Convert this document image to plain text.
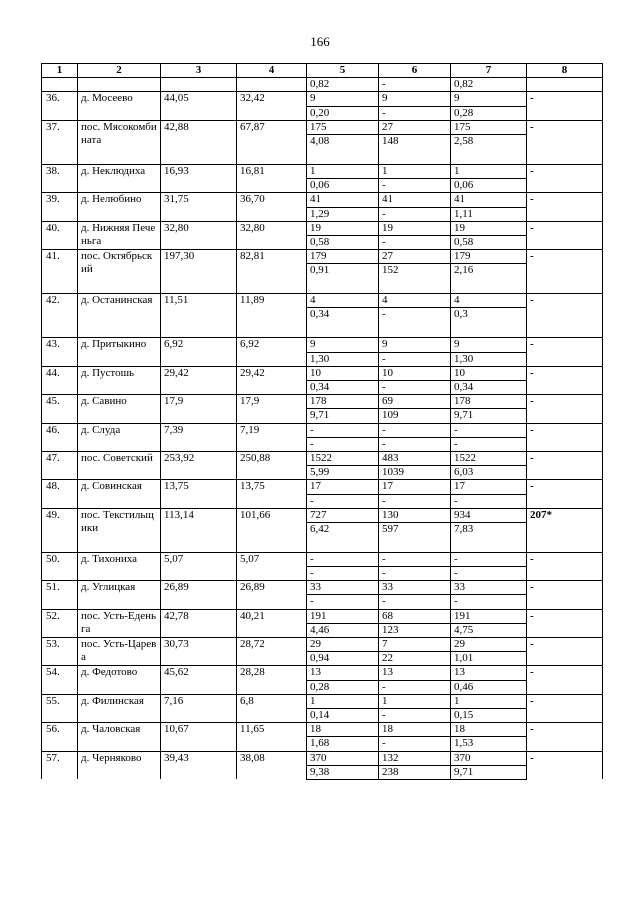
166
1	2	3	4	5	6	7	8
				0,82	-	0,82	
36.	д. Мосеево	44,05	32,42	9	9	9	-
				0,20	-	0,28	
37.	пос. Мясокомбината	42,88	67,87	175	27	175	-
				4,08	148	2,58	
38.	д. Неклюдиха	16,93	16,81	1	1	1	-
				0,06	-	0,06	
39.	д. Нелюбино	31,75	36,70	41	41	41	-
				1,29	-	1,11	
40.	д. Нижняя Печеньга	32,80	32,80	19	19	19	-
				0,58	-	0,58	
41.	пос. Октябрьский	197,30	82,81	179	27	179	-
				0,91	152	2,16	
42.	д. Останинская	11,51	11,89	4	4	4	-
				0,34	-	0,3	
43.	д. Притыкино	6,92	6,92	9	9	9	-
				1,30	-	1,30	
44.	д. Пустошь	29,42	29,42	10	10	10	-
				0,34	-	0,34	
45.	д. Савино	17,9	17,9	178	69	178	-
				9,71	109	9,71	
46.	д. Слуда	7,39	7,19	-	-	-	-
				-	-	-	
47.	пос. Советский	253,92	250,88	1522	483	1522	-
				5,99	1039	6,03	
48.	д. Совинская	13,75	13,75	17	17	17	-
				-	-	-	
49.	пос. Текстильщики	113,14	101,66	727	130	934	207*
				6,42	597	7,83	
50.	д. Тихониха	5,07	5,07	-	-	-	-
				-	-	-	
51.	д. Углицкая	26,89	26,89	33	33	33	-
				-	-	-	
52.	пос. Усть-Еденьга	42,78	40,21	191	68	191	-
				4,46	123	4,75	
53.	пос. Усть-Царева	30,73	28,72	29	7	29	-
				0,94	22	1,01	
54.	д. Федотово	45,62	28,28	13	13	13	-
				0,28	-	0,46	
55.	д. Филинская	7,16	6,8	1	1	1	-
				0,14	-	0,15	
56.	д. Чаловская	10,67	11,65	18	18	18	-
				1,68	-	1,53	
57.	д. Черняково	39,43	38,08	370	132	370	-
				9,38	238	9,71	
